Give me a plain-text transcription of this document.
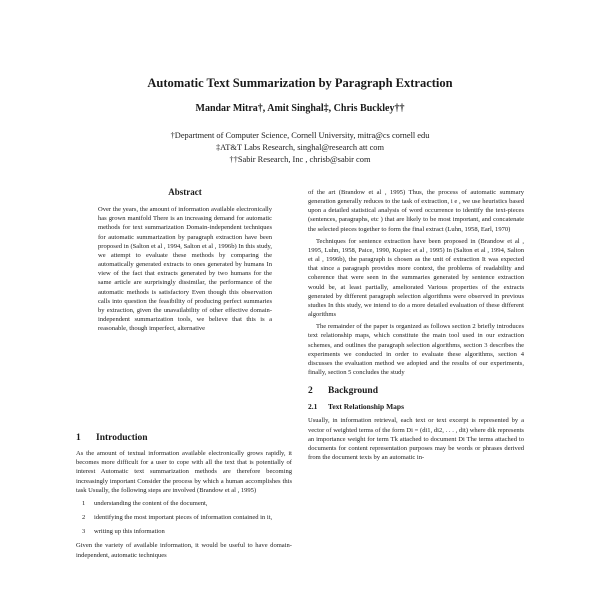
Automatic Text Summarization by Paragraph Extraction
Mandar Mitra†, Amit Singhal‡, Chris Buckley††
†Department of Computer Science, Cornell University, mitra@cs cornell edu
‡AT&T Labs Research, singhal@research att com
††Sabir Research, Inc , chrisb@sabir com
Abstract

Over the years, the amount of information available electronically has grown manifold There is an increasing demand for automatic methods for text summarization Domain-independent techniques for automatic summarization by paragraph extraction have been proposed in (Salton et al , 1994, Salton et al , 1996b) In this study, we attempt to evaluate these methods by comparing the automatically generated extracts to ones generated by humans In view of the fact that extracts generated by two humans for the same article are surprisingly dissimilar, the performance of the automatic methods is satisfactory Even though this observation calls into question the feasibility of producing perfect summaries by extraction, given the unavailability of other effective domain-independent summarization tools, we believe that this is a reasonable, though imperfect, alternative

1 Introduction

As the amount of textual information available electronically grows rapidly, it becomes more difficult for a user to cope with all the text that is potentially of interest Automatic text summarization methods are therefore becoming increasingly important Consider the process by which a human accomplishes this task Usually, the following steps are involved (Brandow et al , 1995)

1	understanding the content of the document,
2	identifying the most important pieces of information contained in it,
3	writing up this information

Given the variety of available information, it would be useful to have domain-independent, automatic techniques

of the art (Brandow et al , 1995) Thus, the process of automatic summary generation generally reduces to the task of extraction, i e , we use heuristics based upon a detailed statistical analysis of word occurrence to identify the text-pieces (sentences, paragraphs, etc ) that are likely to be most important, and concatenate the selected pieces together to form the final extract (Luhn, 1958, Earl, 1970)

Techniques for sentence extraction have been proposed in (Brandow et al , 1995, Luhn, 1958, Paice, 1990, Kupiec et al , 1995) In (Salton et al , 1994, Salton et al , 1996b), the paragraph is chosen as the unit of extraction It was expected that since a paragraph provides more context, the problems of readability and coherence that were seen in the summaries generated by sentence extraction would be, at least partially, ameliorated Various properties of the extracts generated by different paragraph selection algorithms were observed in previous studies In this study, we intend to do a more detailed evaluation of these different algorithms

The remainder of the paper is organized as follows section 2 briefly introduces text relationship maps, which constitute the main tool used in our extraction schemes, and outlines the paragraph selection algorithms, section 3 describes the experiments we conducted in order to evaluate these algorithms, section 4 discusses the evaluation method we adopted and the results of our experiments, finally, section 5 concludes the study

2 Background
2.1 Text Relationship Maps

Usually, in information retrieval, each text or text excerpt is represented by a vector of weighted terms of the form Di = (di1, di2, . . . , dit) where dik represents an importance weight for term Tk attached to document Di The terms attached to documents for content representation purposes may be words or phrases derived from the document texts by an automatic in-
